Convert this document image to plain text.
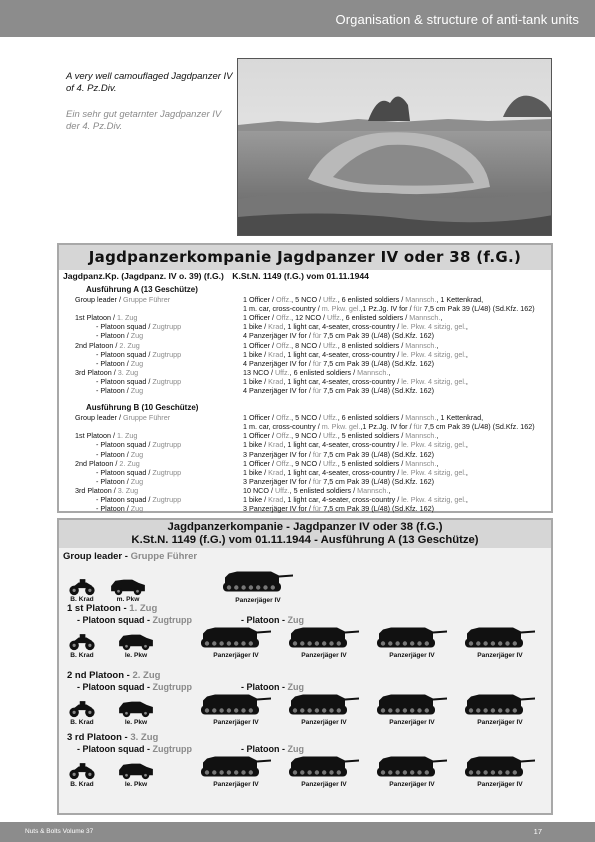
Organisation & structure of anti-tank units

A very well camouflaged Jagdpanzer IV of 4. Pz.Div.

Ein sehr gut getarnter Jagdpanzer IV der 4. Pz.Div.

Jagdpanzerkompanie Jagdpanzer IV oder 38 (f.G.)
Jagdpanz.Kp. (Jagdpanz. IV o. 39) (f.G.) K.St.N. 1149 (f.G.) vom 01.11.1944
Ausführung A (13 Geschütze)
Group leader / Gruppe Führer	1 Officer / Offz., 5 NCO / Uffz., 6 enlisted soldiers / Mannsch., 1 Kettenkrad,
1 m. car, cross-country / m. Pkw. gel.,1 Pz.Jg. IV for / für 7,5 cm Pak 39 (L/48) (Sd.Kfz. 162)
1st Platoon / 1. Zug	1 Officer / Offz., 12 NCO / Uffz., 6 enlisted soldiers / Mannsch.,
- Platoon squad / Zugtrupp	1 bike / Krad, 1 light car, 4-seater, cross-country / le. Pkw. 4 sitzig, gel.,
- Platoon / Zug	4 Panzerjäger IV for / für 7,5 cm Pak 39 (L/48) (Sd.Kfz. 162)
2nd Platoon / 2. Zug	1 Officer / Offz., 8 NCO / Uffz., 8 enlisted soldiers / Mannsch.,
- Platoon squad / Zugtrupp	1 bike / Krad, 1 light car, 4-seater, cross-country / le. Pkw. 4 sitzig, gel.,
- Platoon / Zug	4 Panzerjäger IV for / für 7,5 cm Pak 39 (L/48) (Sd.Kfz. 162)
3rd Platoon / 3. Zug	13 NCO / Uffz., 6 enlisted soldiers / Mannsch.,
- Platoon squad / Zugtrupp	1 bike / Krad, 1 light car, 4-seater, cross-country / le. Pkw. 4 sitzig, gel.,
- Platoon / Zug	4 Panzerjäger IV for / für 7,5 cm Pak 39 (L/48) (Sd.Kfz. 162)
Ausführung B (10 Geschütze)
Group leader / Gruppe Führer	1 Officer / Offz., 5 NCO / Uffz., 6 enlisted soldiers / Mannsch., 1 Kettenkrad,
1 m. car, cross-country / m. Pkw. gel.,1 Pz.Jg. IV for / für 7,5 cm Pak 39 (L/48) (Sd.Kfz. 162)
1st Platoon / 1. Zug	1 Officer / Offz., 9 NCO / Uffz., 5 enlisted soldiers / Mannsch.,
- Platoon squad / Zugtrupp	1 bike / Krad, 1 light car, 4-seater, cross-country / le. Pkw. 4 sitzig, gel.,
- Platoon / Zug	3 Panzerjäger IV for / für 7,5 cm Pak 39 (L/48) (Sd.Kfz. 162)
2nd Platoon / 2. Zug	1 Officer / Offz., 9 NCO / Uffz., 5 enlisted soldiers / Mannsch.,
- Platoon squad / Zugtrupp	1 bike / Krad, 1 light car, 4-seater, cross-country / le. Pkw. 4 sitzig, gel.,
- Platoon / Zug	3 Panzerjäger IV for / für 7,5 cm Pak 39 (L/48) (Sd.Kfz. 162)
3rd Platoon / 3. Zug	10 NCO / Uffz., 5 enlisted soldiers / Mannsch.,
- Platoon squad / Zugtrupp	1 bike / Krad, 1 light car, 4-seater, cross-country / le. Pkw. 4 sitzig, gel.,
- Platoon / Zug	3 Panzerjäger IV for / für 7,5 cm Pak 39 (L/48) (Sd.Kfz. 162)
Jagdpanzerkompanie - Jagdpanzer IV oder 38 (f.G.)
K.St.N. 1149 (f.G.) vom 01.11.1944 - Ausführung A (13 Geschütze)
Group leader - Gruppe Führer
B. Krad	m. Pkw	Panzerjäger IV
1 st Platoon - 1. Zug
- Platoon squad - Zugtrupp	- Platoon - Zug
B. Krad	le. Pkw	Panzerjäger IV	Panzerjäger IV	Panzerjäger IV	Panzerjäger IV
2 nd Platoon - 2. Zug
- Platoon squad - Zugtrupp	- Platoon - Zug
B. Krad	le. Pkw	Panzerjäger IV	Panzerjäger IV	Panzerjäger IV	Panzerjäger IV
3 rd Platoon - 3. Zug
- Platoon squad - Zugtrupp	- Platoon - Zug
B. Krad	le. Pkw	Panzerjäger IV	Panzerjäger IV	Panzerjäger IV	Panzerjäger IV
Nuts & Bolts Volume 37	17
